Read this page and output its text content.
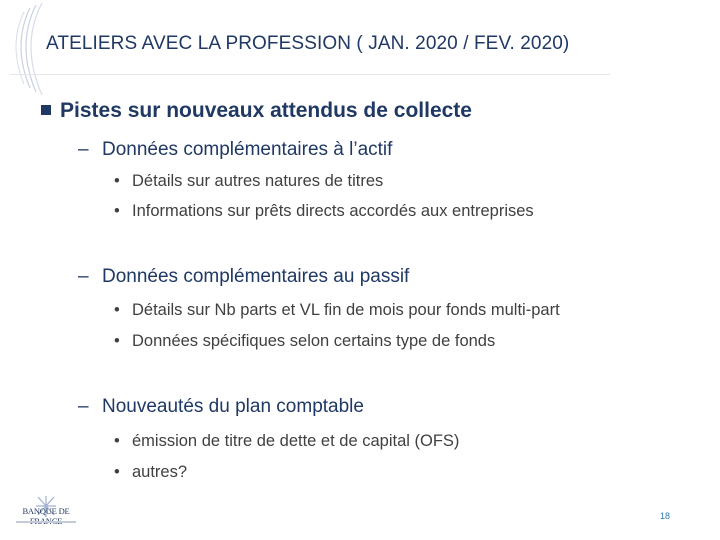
ATELIERS AVEC LA PROFESSION ( JAN. 2020 / FEV. 2020)
Pistes sur nouveaux attendus de collecte
– Données complémentaires à l’actif
• Détails sur autres natures de titres
• Informations sur prêts directs accordés aux entreprises
– Données complémentaires au passif
• Détails sur Nb parts et VL fin de mois pour fonds multi-part
• Données spécifiques selon certains type de fonds
– Nouveautés du plan comptable
• émission de titre de dette et de capital (OFS)
• autres?
BANQUE DE	18
